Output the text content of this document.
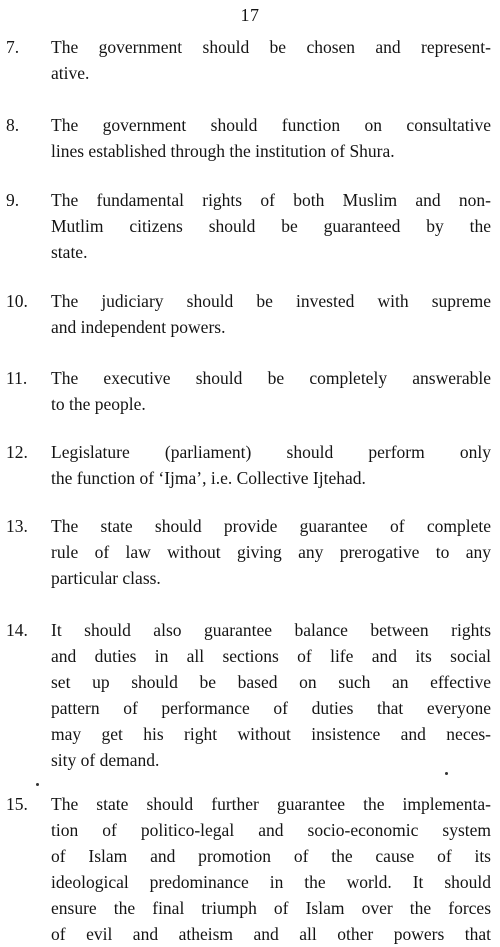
17
7. The government should be chosen and represent-
ative.
8. The government should function on consultative
lines established through the institution of Shura.
9. The fundamental rights of both Muslim and non-
Mutlim citizens should be guaranteed by the
state.
10. The judiciary should be invested with supreme
and independent powers.
11. The executive should be completely answerable
to the people.
12. Legislature (parliament) should perform only
the function of ‘Ijma’, i.e. Collective Ijtehad.
13. The state should provide guarantee of complete
rule of law without giving any prerogative to any
particular class.
14. It should also guarantee balance between rights
and duties in all sections of life and its social
set up should be based on such an effective
pattern of performance of duties that everyone
may get his right without insistence and neces-
sity of demand.
15. The state should further guarantee the implementa-
tion of politico-legal and socio-economic system
of Islam and promotion of the cause of its
ideological predominance in the world. It should
ensure the final triumph of Islam over the forces
of evil and atheism and all other powers that
